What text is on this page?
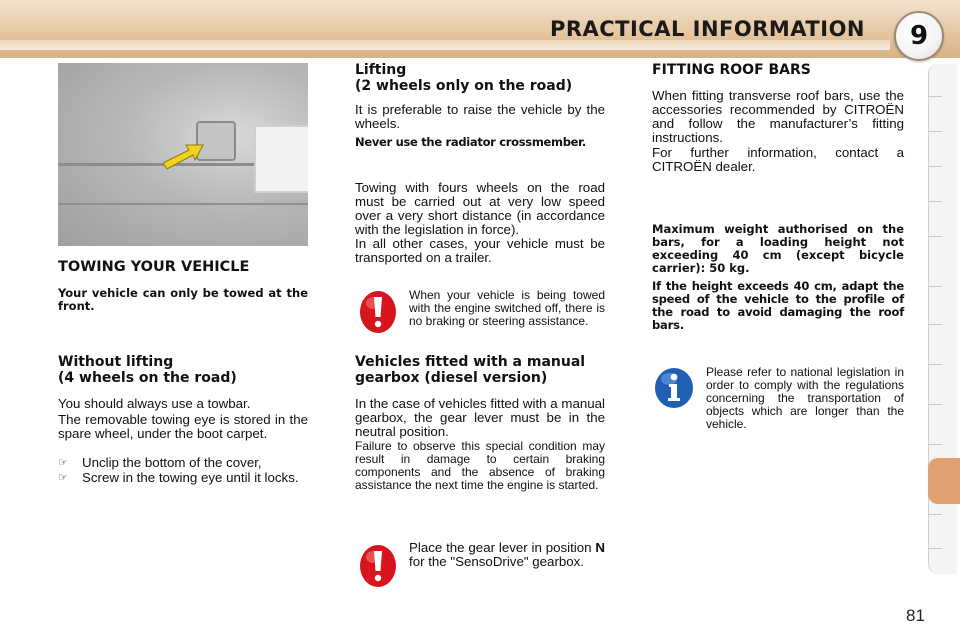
PRACTICAL INFORMATION	9
TOWING YOUR VEHICLE
Your vehicle can only be towed at the front.
Without lifting
(4 wheels on the road)
You should always use a towbar.
The removable towing eye is stored in the spare wheel, under the boot carpet.
☞ Unclip the bottom of the cover,
☞ Screw in the towing eye until it locks.
Lifting
(2 wheels only on the road)
It is preferable to raise the vehicle by the wheels.
Never use the radiator crossmember.
Towing with fours wheels on the road must be carried out at very low speed over a very short distance (in accordance with the legislation in force).
In all other cases, your vehicle must be transported on a trailer.
When your vehicle is being towed with the engine switched off, there is no braking or steering assistance.
Vehicles fitted with a manual
gearbox (diesel version)
In the case of vehicles fitted with a manual gearbox, the gear lever must be in the neutral position.
Failure to observe this special condition may result in damage to certain braking components and the absence of braking assistance the next time the engine is started.
Place the gear lever in position N for the "SensoDrive" gearbox.
FITTING ROOF BARS
When fitting transverse roof bars, use the accessories recommended by CITROËN and follow the manufacturer’s fitting instructions.
For further information, contact a CITROËN dealer.
Maximum weight authorised on the bars, for a loading height not exceeding 40 cm (except bicycle carrier): 50 kg.
If the height exceeds 40 cm, adapt the speed of the vehicle to the profile of the road to avoid damaging the roof bars.
Please refer to national legislation in order to comply with the regulations concerning the transportation of objects which are longer than the vehicle.
81
